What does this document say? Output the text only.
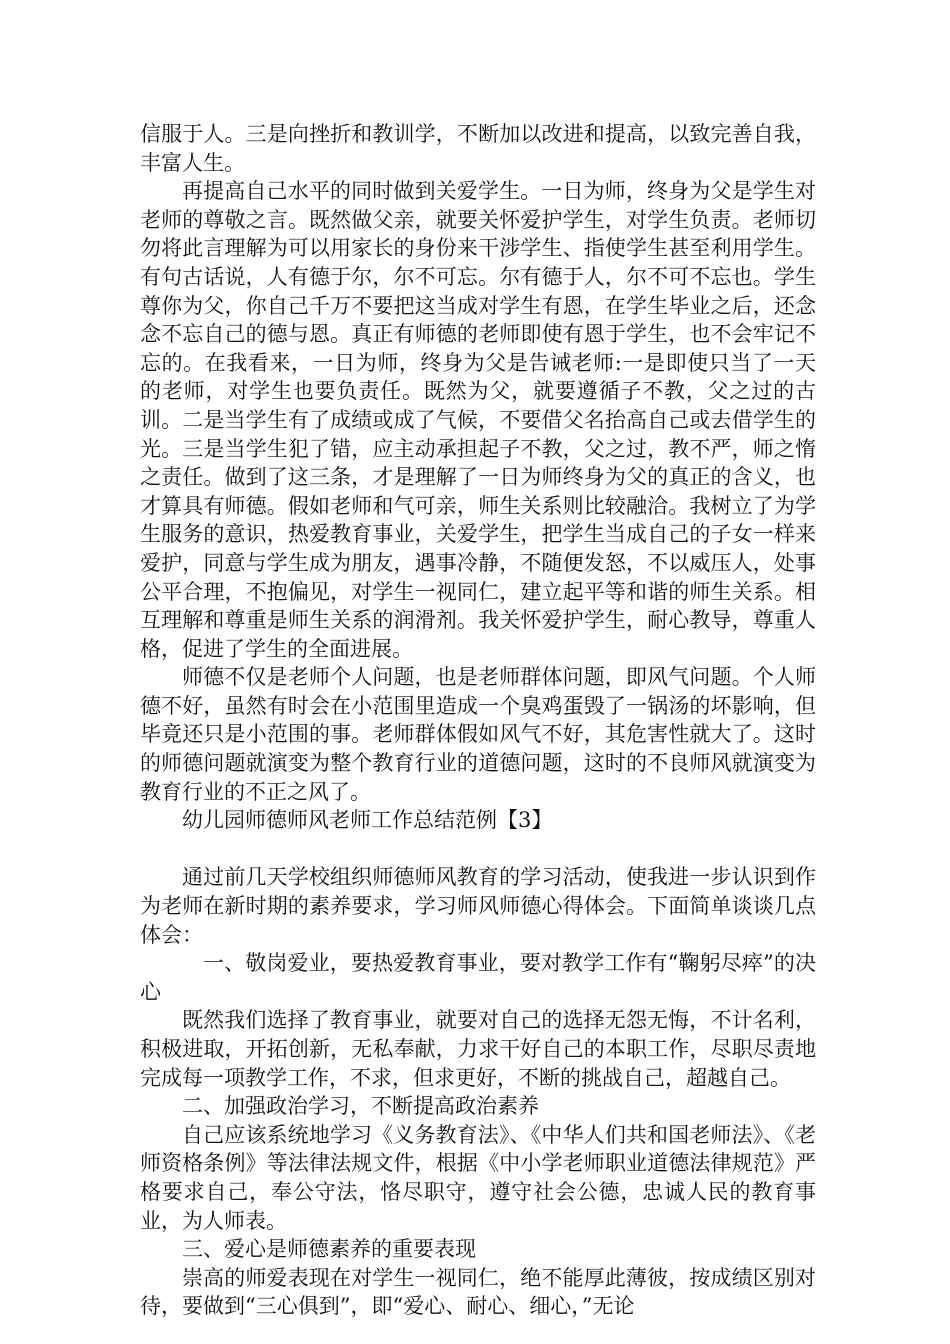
信服于人。三是向挫折和教训学，不断加以改进和提高，以致完善自我，丰富人生。

再提高自己水平的同时做到关爱学生。一日为师，终身为父是学生对老师的尊敬之言。既然做父亲，就要关怀爱护学生，对学生负责。老师切勿将此言理解为可以用家长的身份来干涉学生、指使学生甚至利用学生。有句古话说，人有德于尔，尔不可忘。尔有德于人，尔不可不忘也。学生尊你为父，你自己千万不要把这当成对学生有恩，在学生毕业之后，还念念不忘自己的德与恩。真正有师德的老师即使有恩于学生，也不会牢记不忘的。在我看来，一日为师，终身为父是告诫老师:一是即使只当了一天的老师，对学生也要负责任。既然为父，就要遵循子不教，父之过的古训。二是当学生有了成绩或成了气候，不要借父名抬高自己或去借学生的光。三是当学生犯了错，应主动承担起子不教，父之过，教不严，师之惰之责任。做到了这三条，才是理解了一日为师终身为父的真正的含义，也才算具有师德。假如老师和气可亲，师生关系则比较融洽。我树立了为学生服务的意识，热爱教育事业，关爱学生，把学生当成自己的子女一样来爱护，同意与学生成为朋友，遇事冷静，不随便发怒，不以威压人，处事公平合理，不抱偏见，对学生一视同仁，建立起平等和谐的师生关系。相互理解和尊重是师生关系的润滑剂。我关怀爱护学生，耐心教导，尊重人格，促进了学生的全面进展。

师德不仅是老师个人问题，也是老师群体问题，即风气问题。个人师德不好，虽然有时会在小范围里造成一个臭鸡蛋毁了一锅汤的坏影响，但毕竟还只是小范围的事。老师群体假如风气不好，其危害性就大了。这时的师德问题就演变为整个教育行业的道德问题，这时的不良师风就演变为教育行业的不正之风了。

幼儿园师德师风老师工作总结范例【3】

通过前几天学校组织师德师风教育的学习活动，使我进一步认识到作为老师在新时期的素养要求，学习师风师德心得体会。下面简单谈谈几点体会：

一、敬岗爱业，要热爱教育事业，要对教学工作有“鞠躬尽瘁”的决心

既然我们选择了教育事业，就要对自己的选择无怨无悔，不计名利，积极进取，开拓创新，无私奉献，力求干好自己的本职工作，尽职尽责地完成每一项教学工作，不求，但求更好，不断的挑战自己，超越自己。

二、加强政治学习，不断提高政治素养

自己应该系统地学习《义务教育法》、《中华人们共和国老师法》、《老师资格条例》等法律法规文件，根据《中小学老师职业道德法律规范》严格要求自己，奉公守法，恪尽职守，遵守社会公德，忠诚人民的教育事业，为人师表。

三、爱心是师德素养的重要表现

崇高的师爱表现在对学生一视同仁，绝不能厚此薄彼，按成绩区别对待，要做到“三心俱到”，即“爱心、耐心、细心，”无论
